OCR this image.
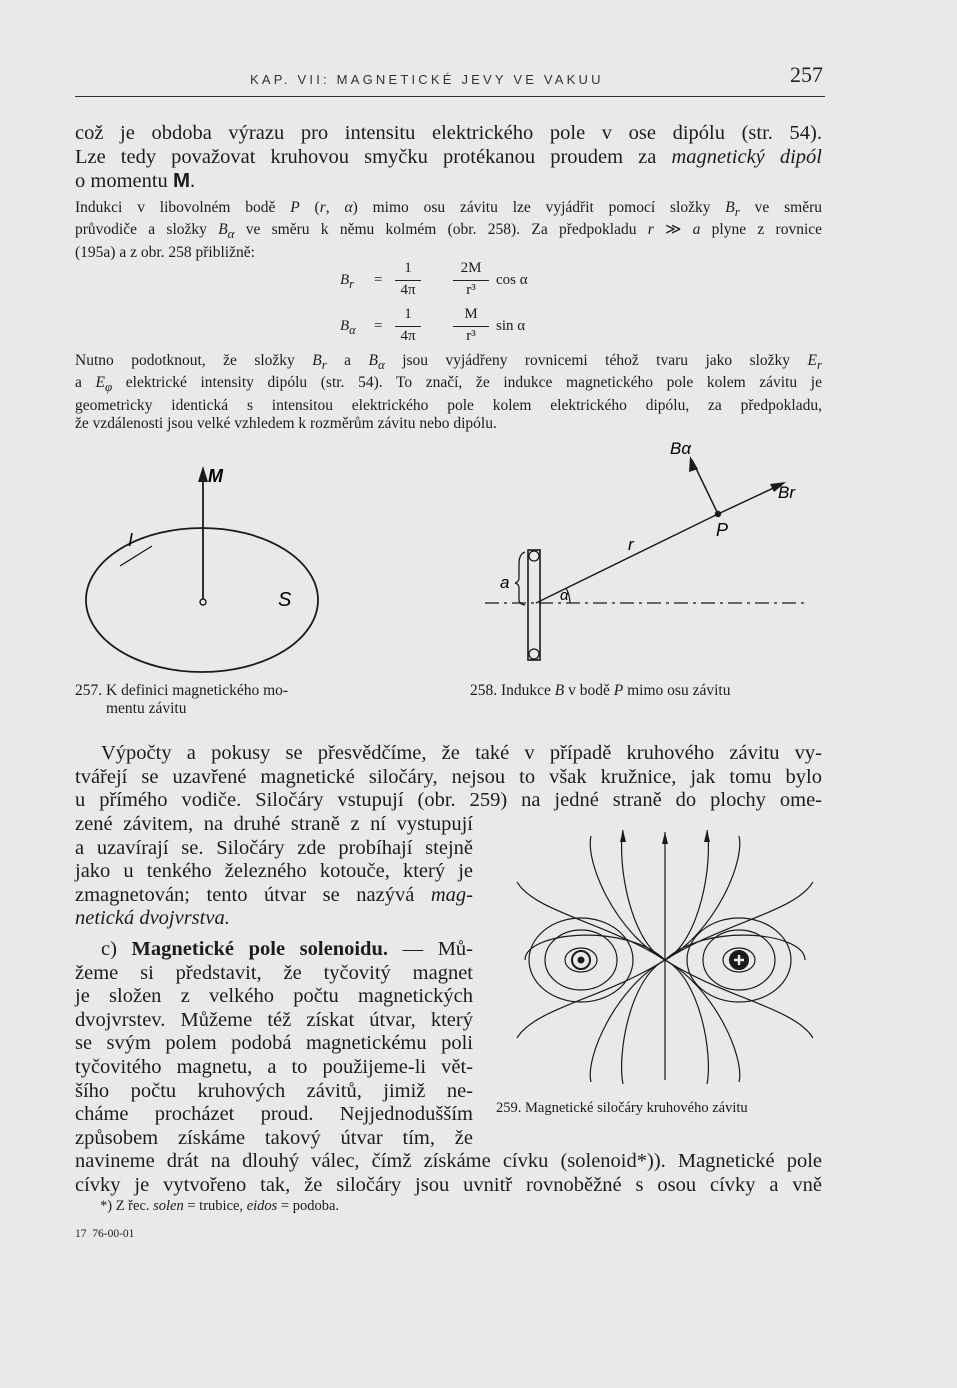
KAP. VII: MAGNETICKÉ JEVY VE VAKUU	257
což je obdoba výrazu pro intensitu elektrického pole v ose dipólu (str. 54).
Lze tedy považovat kruhovou smyčku protékanou proudem za magnetický dipól
o momentu M.
Indukci v libovolném bodě P (r, α) mimo osu závitu lze vyjádřit pomocí složky $B_r$ ve směru
průvodiče a složky $B_\alpha$ ve směru k němu kolmém (obr. 258). Za předpokladu r ≫ a plyne z rovnice
(195a) a z obr. 258 přibližně:
$B_r$ =
1
4π
2M
r³
cos α
$B_\alpha$ =
1
4π
M
r³
sin α
Nutno podotknout, že složky $B_r$ a $B_\alpha$ jsou vyjádřeny rovnicemi téhož tvaru jako složky $E_r$
a $E_\varphi$ elektrické intensity dipólu (str. 54). To značí, že indukce magnetického pole kolem závitu je
geometricky identická s intensitou elektrického pole kolem elektrického dipólu, za předpokladu,
že vzdálenosti jsou velké vzhledem k rozměrům závitu nebo dipólu.
M
I
S
257. K definici magnetického mo-
mentu závitu
Bα
Br
P
r
a
α
258. Indukce B v bodě P mimo osu závitu
Výpočty a pokusy se přesvědčíme, že také v případě kruhového závitu vy-
tvářejí se uzavřené magnetické siločáry, nejsou to však kružnice, jak tomu bylo
u přímého vodiče. Siločáry vstupují (obr. 259) na jedné straně do plochy ome-
zené závitem, na druhé straně z ní vystupují
a uzavírají se. Siločáry zde probíhají stejně
jako u tenkého železného kotouče, který je
zmagnetován; tento útvar se nazývá mag-
netická dvojvrstva.
c) Magnetické pole solenoidu. — Mů-
žeme si představit, že tyčovitý magnet
je složen z velkého počtu magnetických
dvojvrstev. Můžeme též získat útvar, který
se svým polem podobá magnetickému poli
tyčovitého magnetu, a to použijeme-li vět-
šího počtu kruhových závitů, jimiž ne-
cháme procházet proud. Nejjednodušším
způsobem získáme takový útvar tím, že
navineme drát na dlouhý válec, čímž získáme cívku (solenoid*)). Magnetické pole
cívky je vytvořeno tak, že siločáry jsou uvnitř rovnoběžné s osou cívky a vně
259. Magnetické siločáry kruhového závitu
*) Z řec. solen = trubice, eidos = podoba.
17  76-00-01
